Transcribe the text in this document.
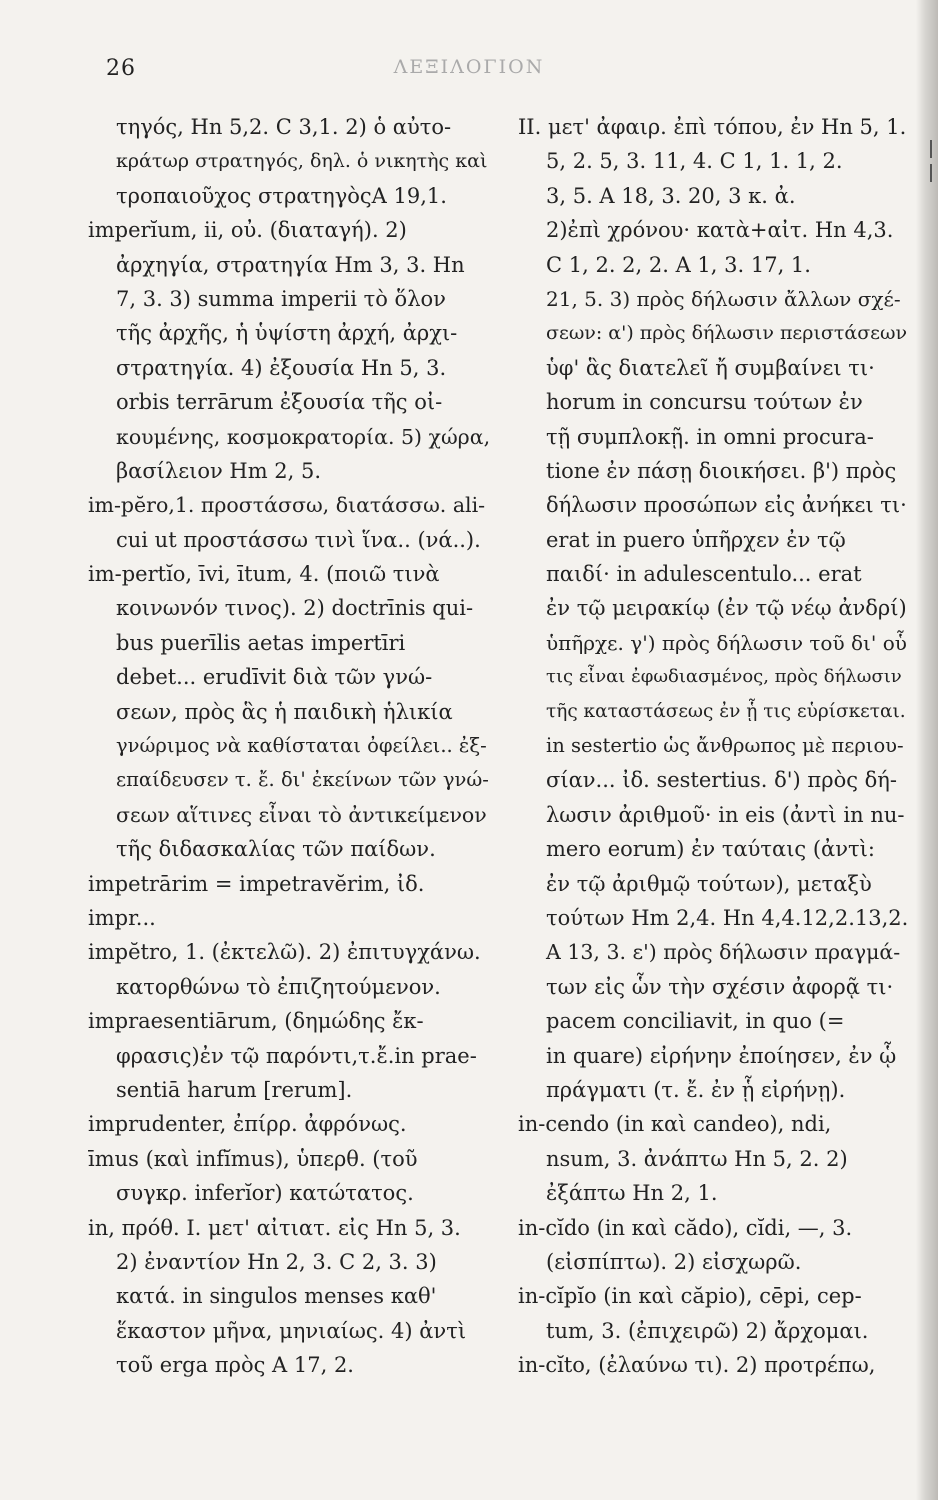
26	ΛΕΞΙΛΟΓΙΟΝ
τηγός, Hn 5,2. C 3,1. 2) ὁ αὐτο-
κράτωρ στρατηγός, δηλ. ὁ νικητὴς καὶ
τροπαιοῦχος στρατηγὸςA 19,1.
imperĭum, ii, οὐ. (διαταγή). 2)
ἀρχηγία, στρατηγία Hm 3, 3. Hn
7, 3. 3) summa imperii τὸ ὅλον
τῆς ἀρχῆς, ἡ ὑψίστη ἀρχή, ἀρχι-
στρατηγία. 4) ἐξουσία Hn 5, 3.
orbis terrārum ἐξουσία τῆς οἰ-
κουμένης, κοσμοκρατορία. 5) χώρα,
βασίλειον Hm 2, 5.
im-pĕro,1. προστάσσω, διατάσσω. ali-
cui ut προστάσσω τινὶ ἵνα.. (νά..).
im-pertĭo, īvi, ītum, 4. (ποιῶ τινὰ
κοινωνόν τινος). 2) doctrīnis qui-
bus puerīlis aetas impertīri
debet... erudīvit διὰ τῶν γνώ-
σεων, πρὸς ἃς ἡ παιδικὴ ἡλικία
γνώριμος νὰ καθίσταται ὀφείλει.. ἐξ-
επαίδευσεν τ. ἔ. δι' ἐκείνων τῶν γνώ-
σεων αἵτινες εἶναι τὸ ἀντικείμενον
τῆς διδασκαλίας τῶν παίδων.
impetrārim = impetravĕrim, ἰδ.
impr...
impĕtro, 1. (ἐκτελῶ). 2) ἐπιτυγχάνω.
κατορθώνω τὸ ἐπιζητούμενον.
impraesentiārum, (δημώδης ἔκ-
φρασις)ἐν τῷ παρόντι,τ.ἔ.in prae-
sentiā harum [rerum].
imprudenter, ἐπίρρ. ἀφρόνως.
īmus (καὶ infĭmus), ὑπερθ. (τοῦ
συγκρ. inferĭor) κατώτατος.
in, πρόθ. I. μετ' αἰτιατ. εἰς Hn 5, 3.
2) ἐναντίον Hn 2, 3. C 2, 3. 3)
κατά. in singulos menses καθ'
ἕκαστον μῆνα, μηνιαίως. 4) ἀντὶ
τοῦ erga πρὸς A 17, 2.
II. μετ' ἀφαιρ. ἐπὶ τόπου, ἐν Hn 5, 1.
5, 2. 5, 3. 11, 4. C 1, 1. 1, 2.
3, 5. A 18, 3. 20, 3 κ. ἀ.
2)ἐπὶ χρόνου· κατὰ+αἰτ. Hn 4,3.
C 1, 2. 2, 2. A 1, 3. 17, 1.
21, 5. 3) πρὸς δήλωσιν ἄλλων σχέ-
σεων: α') πρὸς δήλωσιν περιστάσεων
ὑφ' ἃς διατελεῖ ἤ συμβαίνει τι·
horum in concursu τούτων ἐν
τῇ συμπλοκῇ. in omni procura-
tione ἐν πάσῃ διοικήσει. β') πρὸς
δήλωσιν προσώπων εἰς ἀνήκει τι·
erat in puero ὑπῆρχεν ἐν τῷ
παιδί· in adulescentulo... erat
ἐν τῷ μειρακίῳ (ἐν τῷ νέῳ ἀνδρί)
ὑπῆρχε. γ') πρὸς δήλωσιν τοῦ δι' οὗ
τις εἶναι ἐφωδιασμένος, πρὸς δήλωσιν
τῆς καταστάσεως ἐν ᾗ τις εὑρίσκεται.
in sestertio ὡς ἄνθρωπος μὲ περιου-
σίαν... ἰδ. sestertius. δ') πρὸς δή-
λωσιν ἀριθμοῦ· in eis (ἀντὶ in nu-
mero eorum) ἐν ταύταις (ἀντὶ:
ἐν τῷ ἀριθμῷ τούτων), μεταξὺ
τούτων Hm 2,4. Hn 4,4.12,2.13,2.
A 13, 3. ε') πρὸς δήλωσιν πραγμά-
των εἰς ὧν τὴν σχέσιν ἀφορᾷ τι·
pacem conciliavit, in quo (=
in quare) εἰρήνην ἐποίησεν, ἐν ᾧ
πράγματι (τ. ἔ. ἐν ᾗ εἰρήνῃ).
in-cendo (in καὶ candeo), ndi,
nsum, 3. ἀνάπτω Hn 5, 2. 2)
ἐξάπτω Hn 2, 1.
in-cĭdo (in καὶ cădo), cĭdi, —, 3.
(εἰσπίπτω). 2) εἰσχωρῶ.
in-cĭpĭo (in καὶ căpio), cēpi, cep-
tum, 3. (ἐπιχειρῶ) 2) ἄρχομαι.
in-cĭto, (ἐλαύνω τι). 2) προτρέπω,
